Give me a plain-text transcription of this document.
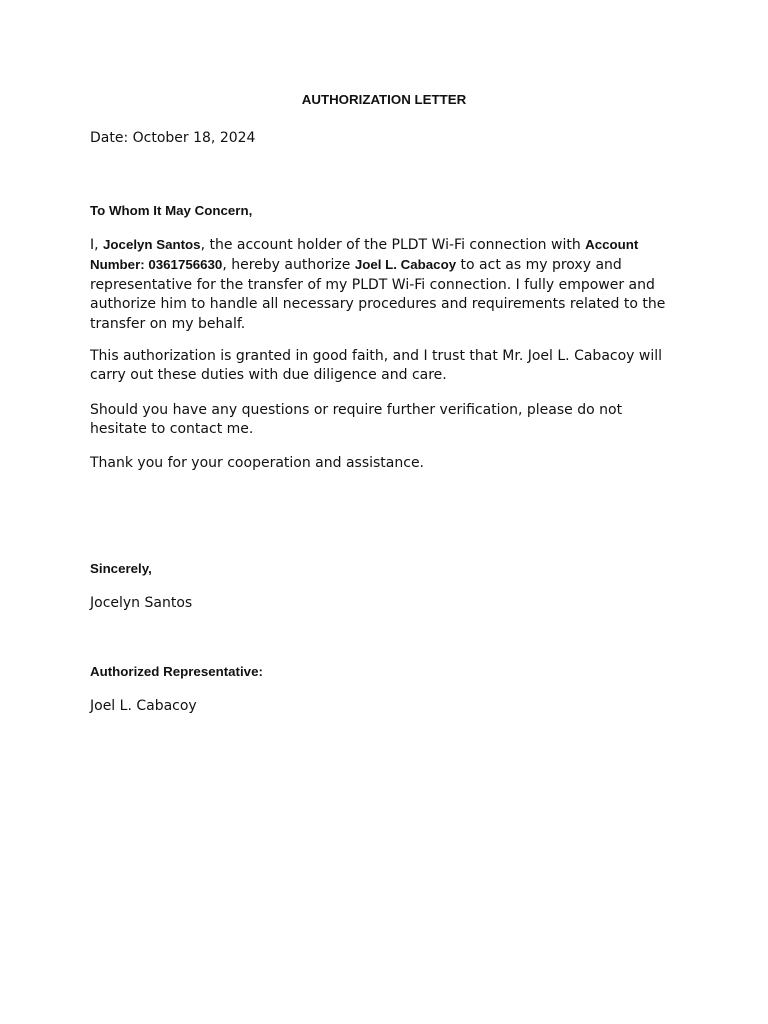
AUTHORIZATION LETTER

Date: October 18, 2024

To Whom It May Concern,

I, Jocelyn Santos, the account holder of the PLDT Wi-Fi connection with Account Number: 0361756630, hereby authorize Joel L. Cabacoy to act as my proxy and representative for the transfer of my PLDT Wi-Fi connection. I fully empower and authorize him to handle all necessary procedures and requirements related to the transfer on my behalf.

This authorization is granted in good faith, and I trust that Mr. Joel L. Cabacoy will carry out these duties with due diligence and care.

Should you have any questions or require further verification, please do not hesitate to contact me.

Thank you for your cooperation and assistance.

Sincerely,

Jocelyn Santos

Authorized Representative:

Joel L. Cabacoy
